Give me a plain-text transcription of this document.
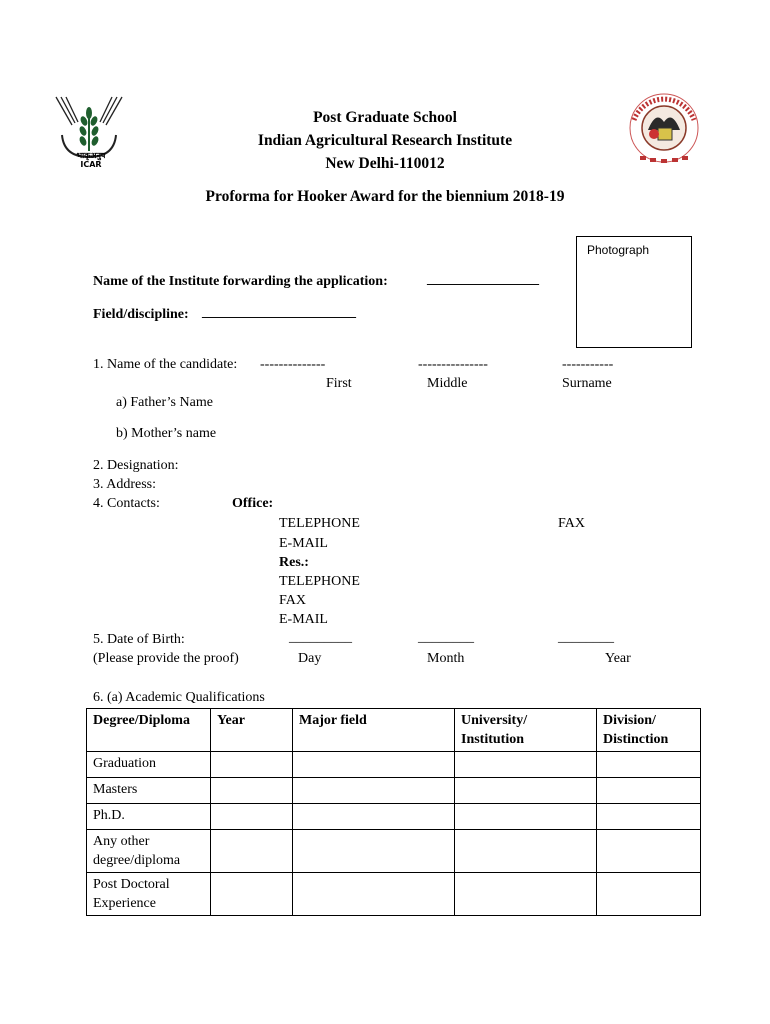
भाकृअनुप ICAR
Post Graduate School
Indian Agricultural Research Institute
New Delhi-110012
Proforma for Hooker Award for the biennium 2018-19
Photograph
Name of the Institute forwarding the application:	________________
Field/discipline: ______________________
1. Name of the candidate: --------------	---------------	-----------
First	Middle	Surname
a) Father’s Name
b) Mother’s name
2. Designation:
3. Address:
4. Contacts:	Office:
TELEPHONE	FAX
E-MAIL
Res.:
TELEPHONE
FAX
E-MAIL
5. Date of Birth:	_________	________	________
(Please provide the proof)	Day	Month	Year
6. (a) Academic Qualifications
Degree/Diploma	Year	Major field	University/ Institution	Division/ Distinction
Graduation				
Masters				
Ph.D.				
Any other degree/diploma				
Post Doctoral Experience				
